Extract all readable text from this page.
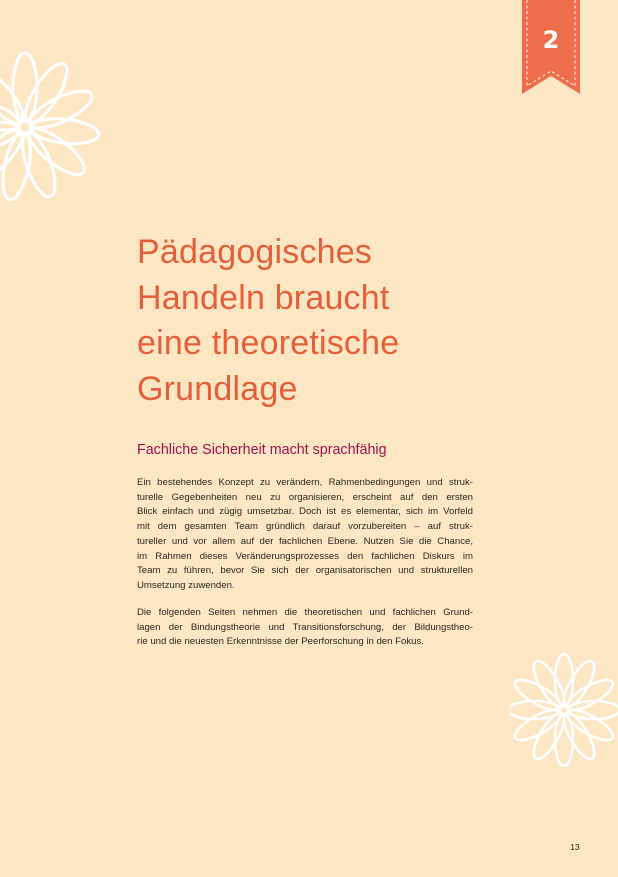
2
Pädagogisches
Handeln braucht
eine theoretische
Grundlage
Fachliche Sicherheit macht sprachfähig
Ein bestehendes Konzept zu verändern, Rahmenbedingungen und struk-
turelle Gegebenheiten neu zu organisieren, erscheint auf den ersten
Blick einfach und zügig umsetzbar. Doch ist es elementar, sich im Vorfeld
mit dem gesamten Team gründlich darauf vorzubereiten – auf struk-
tureller und vor allem auf der fachlichen Ebene. Nutzen Sie die Chance,
im Rahmen dieses Veränderungsprozesses den fachlichen Diskurs im
Team zu führen, bevor Sie sich der organisatorischen und strukturellen
Umsetzung zuwenden.
Die folgenden Seiten nehmen die theoretischen und fachlichen Grund-
lagen der Bindungstheorie und Transitionsforschung, der Bildungstheo-
rie und die neuesten Erkenntnisse der Peerforschung in den Fokus.
13
